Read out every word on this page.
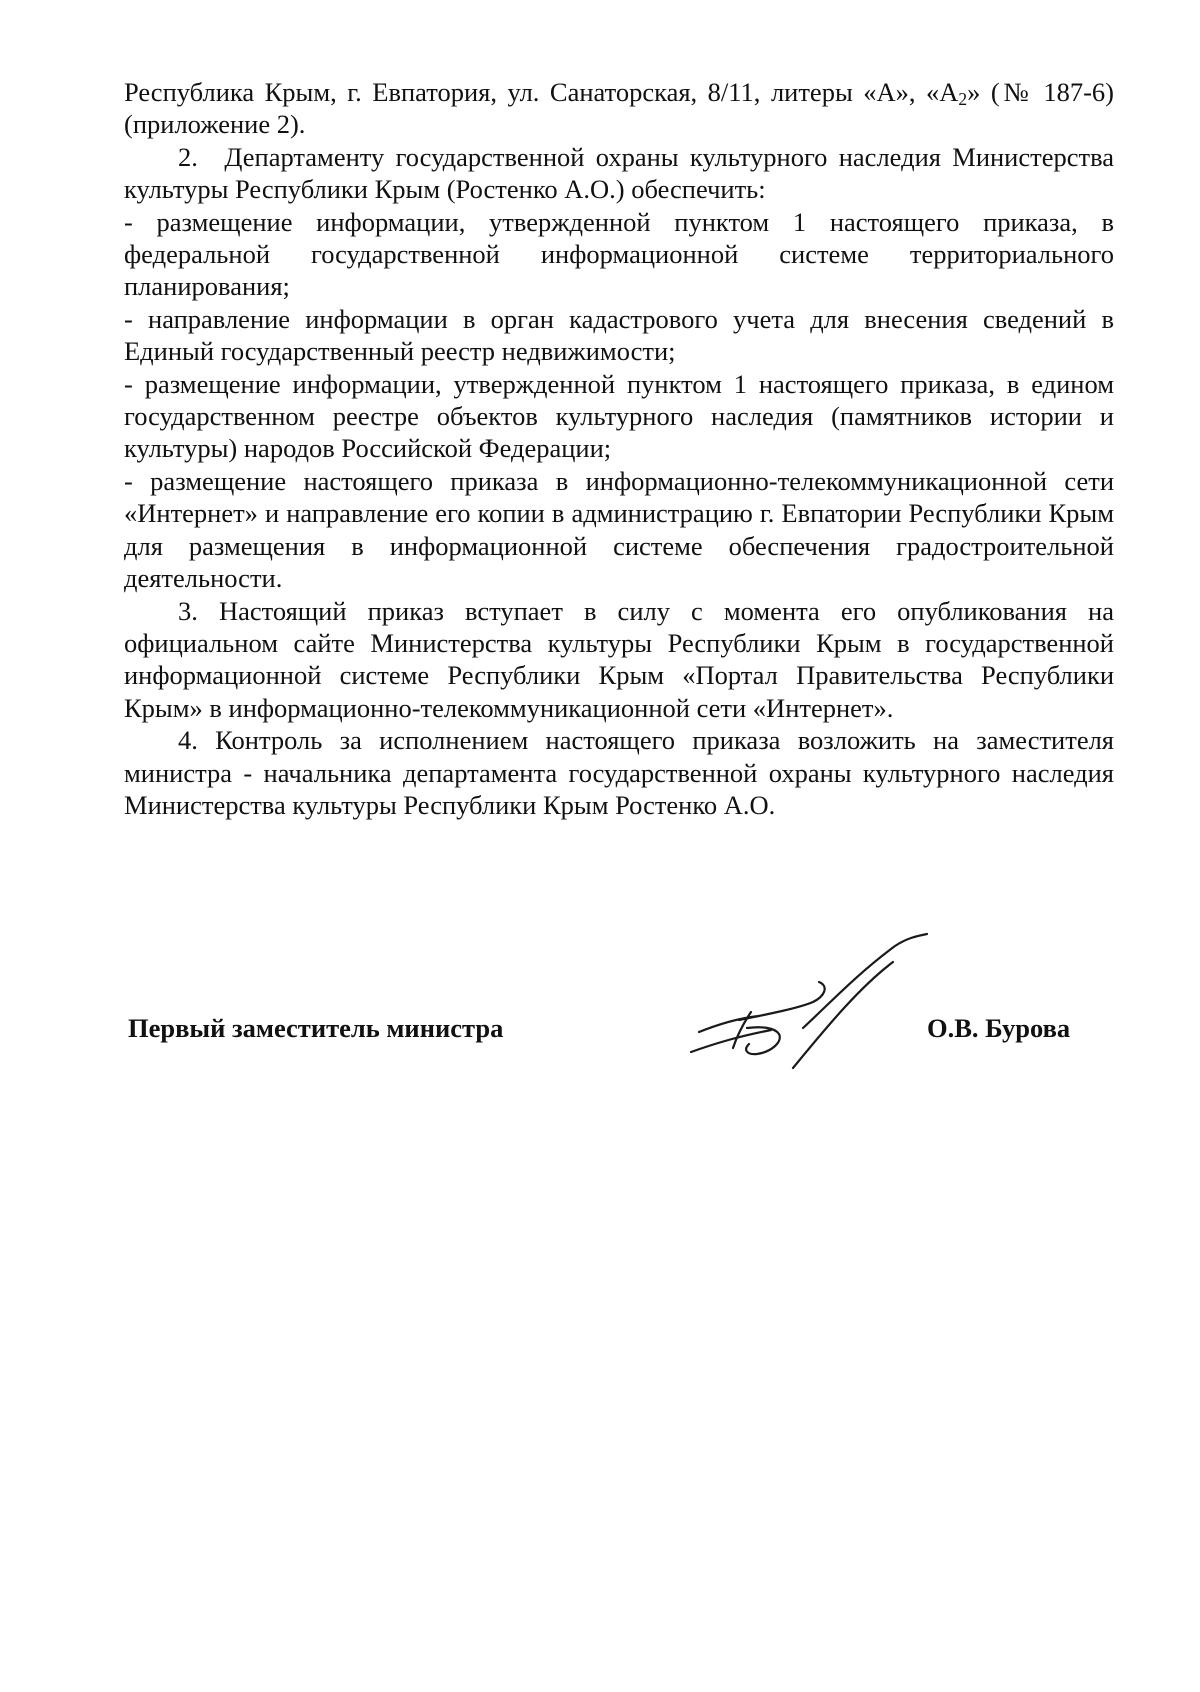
Республика Крым, г. Евпатория, ул. Санаторская, 8/11, литеры «А», «$А_2$» (№ 187-6) (приложение 2).

2. Департаменту государственной охраны культурного наследия Министерства культуры Республики Крым (Ростенко А.О.) обеспечить:

- размещение информации, утвержденной пунктом 1 настоящего приказа, в федеральной государственной информационной системе территориального планирования;

- направление информации в орган кадастрового учета для внесения сведений в Единый государственный реестр недвижимости;

- размещение информации, утвержденной пунктом 1 настоящего приказа, в едином государственном реестре объектов культурного наследия (памятников истории и культуры) народов Российской Федерации;

- размещение настоящего приказа в информационно-телекоммуникационной сети «Интернет» и направление его копии в администрацию г. Евпатории Республики Крым для размещения в информационной системе обеспечения градостроительной деятельности.

3. Настоящий приказ вступает в силу с момента его опубликования на официальном сайте Министерства культуры Республики Крым в государственной информационной системе Республики Крым «Портал Правительства Республики Крым» в информационно-телекоммуникационной сети «Интернет».

4. Контроль за исполнением настоящего приказа возложить на заместителя министра - начальника департамента государственной охраны культурного наследия Министерства культуры Республики Крым Ростенко А.О.

Первый заместитель министра	О.В. Бурова
